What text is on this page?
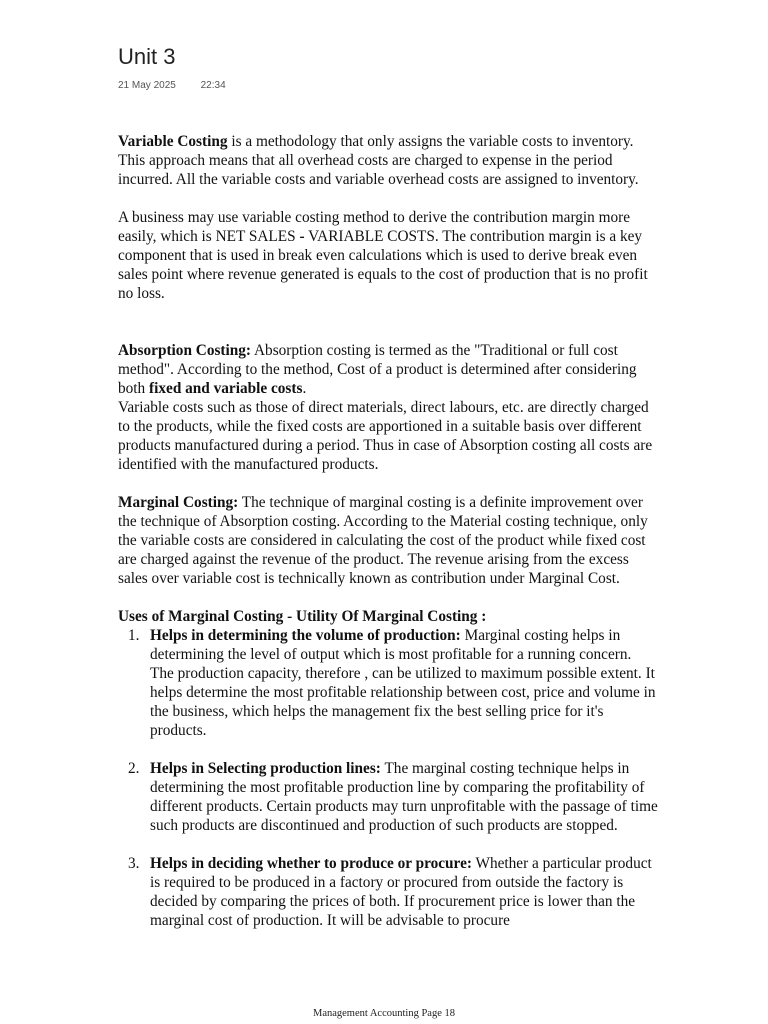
Unit 3
21 May 2025 22:34

Variable Costing is a methodology that only assigns the variable costs to inventory. This approach means that all overhead costs are charged to expense in the period incurred. All the variable costs and variable overhead costs are assigned to inventory.

A business may use variable costing method to derive the contribution margin more easily, which is NET SALES - VARIABLE COSTS. The contribution margin is a key component that is used in break even calculations which is used to derive break even sales point where revenue generated is equals to the cost of production that is no profit no loss.

Absorption Costing: Absorption costing is termed as the "Traditional or full cost method". According to the method, Cost of a product is determined after considering both fixed and variable costs.

Variable costs such as those of direct materials, direct labours, etc. are directly charged to the products, while the fixed costs are apportioned in a suitable basis over different products manufactured during a period. Thus in case of Absorption costing all costs are identified with the manufactured products.

Marginal Costing: The technique of marginal costing is a definite improvement over the technique of Absorption costing. According to the Material costing technique, only the variable costs are considered in calculating the cost of the product while fixed cost are charged against the revenue of the product. The revenue arising from the excess sales over variable cost is technically known as contribution under Marginal Cost.

Uses of Marginal Costing - Utility Of Marginal Costing :

1. Helps in determining the volume of production: Marginal costing helps in determining the level of output which is most profitable for a running concern. The production capacity, therefore , can be utilized to maximum possible extent. It helps determine the most profitable relationship between cost, price and volume in the business, which helps the management fix the best selling price for it's products.
2. Helps in Selecting production lines: The marginal costing technique helps in determining the most profitable production line by comparing the profitability of different products. Certain products may turn unprofitable with the passage of time such products are discontinued and production of such products are stopped.
3. Helps in deciding whether to produce or procure: Whether a particular product is required to be produced in a factory or procured from outside the factory is decided by comparing the prices of both. If procurement price is lower than the marginal cost of production. It will be advisable to procure
Management Accounting Page 18
